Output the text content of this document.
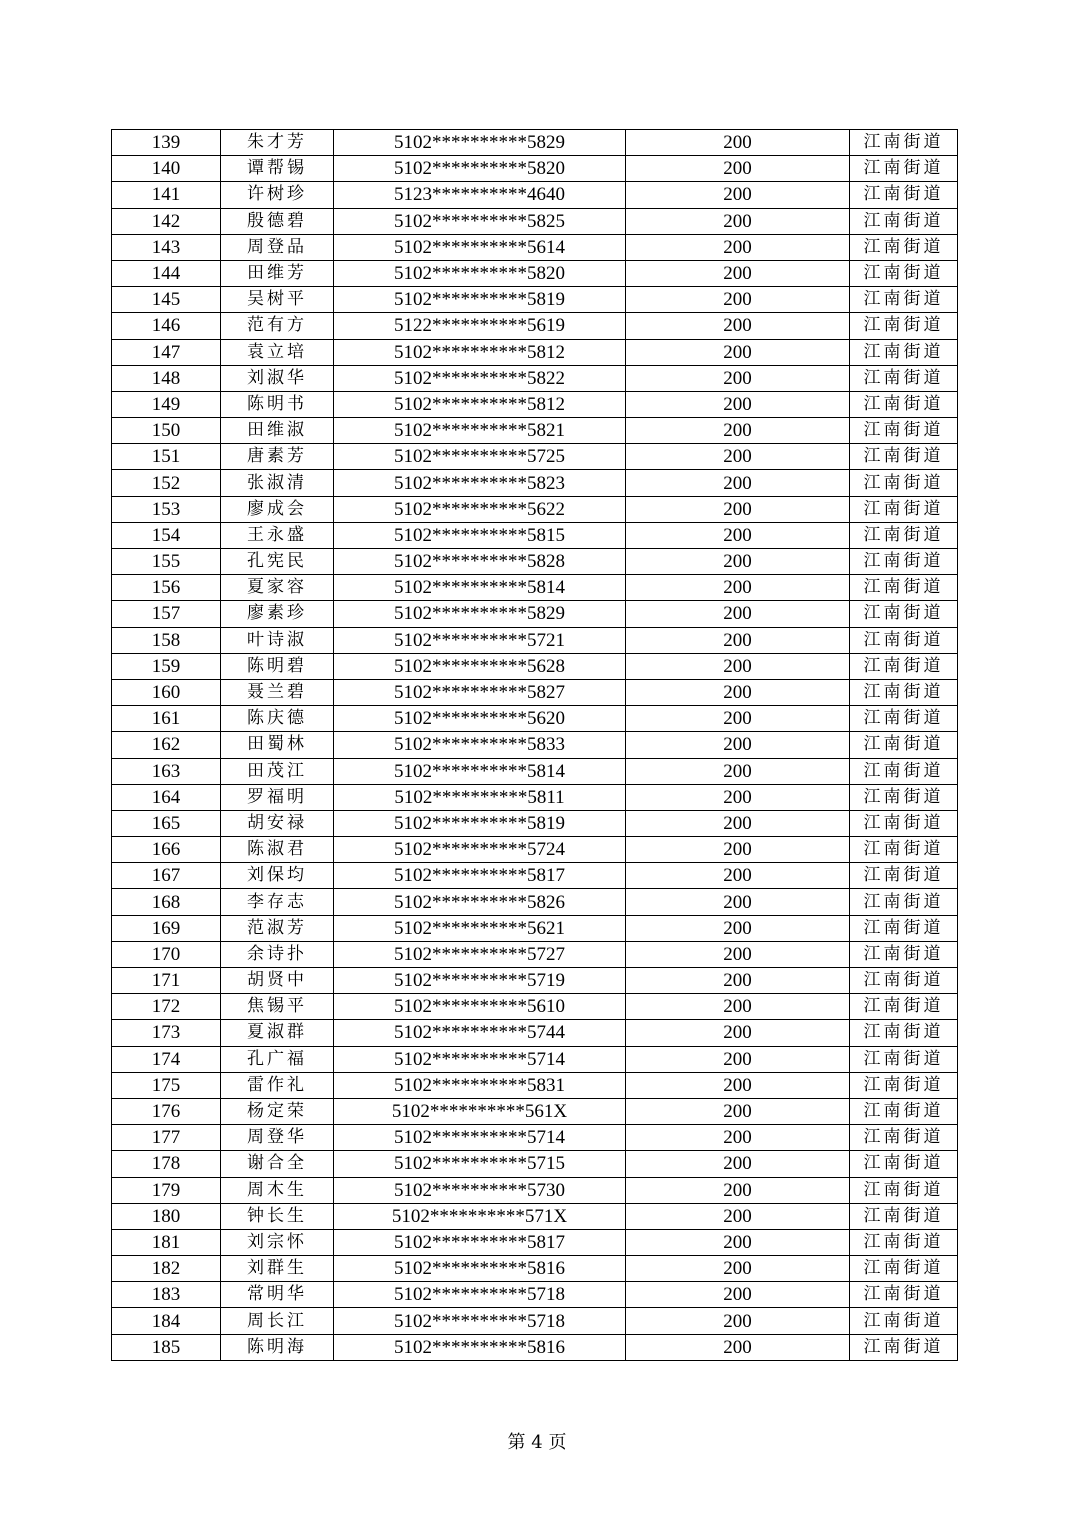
139	朱才芳	5102**********5829	200	江南街道
140	谭帮锡	5102**********5820	200	江南街道
141	许树珍	5123**********4640	200	江南街道
142	殷德碧	5102**********5825	200	江南街道
143	周登品	5102**********5614	200	江南街道
144	田维芳	5102**********5820	200	江南街道
145	吴树平	5102**********5819	200	江南街道
146	范有方	5122**********5619	200	江南街道
147	袁立培	5102**********5812	200	江南街道
148	刘淑华	5102**********5822	200	江南街道
149	陈明书	5102**********5812	200	江南街道
150	田维淑	5102**********5821	200	江南街道
151	唐素芳	5102**********5725	200	江南街道
152	张淑清	5102**********5823	200	江南街道
153	廖成会	5102**********5622	200	江南街道
154	王永盛	5102**********5815	200	江南街道
155	孔宪民	5102**********5828	200	江南街道
156	夏家容	5102**********5814	200	江南街道
157	廖素珍	5102**********5829	200	江南街道
158	叶诗淑	5102**********5721	200	江南街道
159	陈明碧	5102**********5628	200	江南街道
160	聂兰碧	5102**********5827	200	江南街道
161	陈庆德	5102**********5620	200	江南街道
162	田蜀林	5102**********5833	200	江南街道
163	田茂江	5102**********5814	200	江南街道
164	罗福明	5102**********5811	200	江南街道
165	胡安禄	5102**********5819	200	江南街道
166	陈淑君	5102**********5724	200	江南街道
167	刘保均	5102**********5817	200	江南街道
168	李存志	5102**********5826	200	江南街道
169	范淑芳	5102**********5621	200	江南街道
170	余诗扑	5102**********5727	200	江南街道
171	胡贤中	5102**********5719	200	江南街道
172	焦锡平	5102**********5610	200	江南街道
173	夏淑群	5102**********5744	200	江南街道
174	孔广福	5102**********5714	200	江南街道
175	雷作礼	5102**********5831	200	江南街道
176	杨定荣	5102**********561X	200	江南街道
177	周登华	5102**********5714	200	江南街道
178	谢合全	5102**********5715	200	江南街道
179	周木生	5102**********5730	200	江南街道
180	钟长生	5102**********571X	200	江南街道
181	刘宗怀	5102**********5817	200	江南街道
182	刘群生	5102**********5816	200	江南街道
183	常明华	5102**********5718	200	江南街道
184	周长江	5102**********5718	200	江南街道
185	陈明海	5102**********5816	200	江南街道
第 4 页
